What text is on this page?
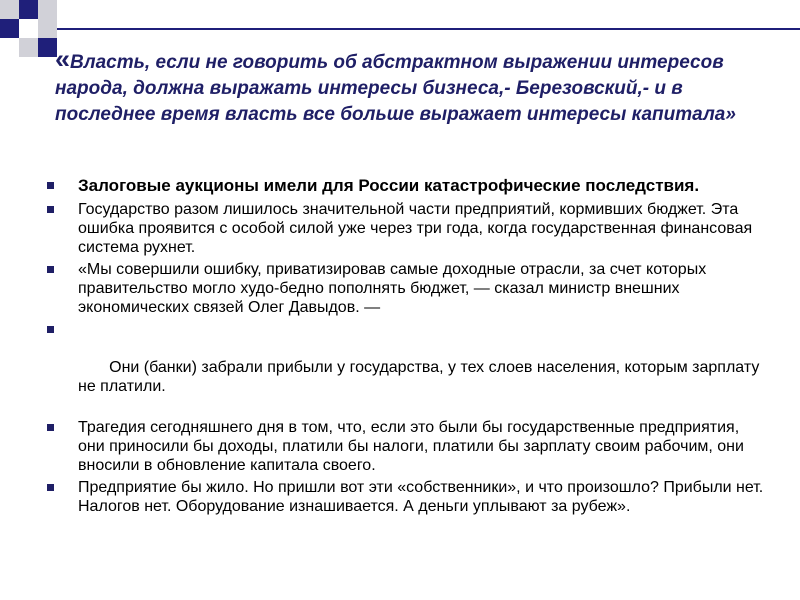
«Власть, если не говорить об абстрактном выражении интересов народа, должна выражать интересы бизнеса,- Березовский,- и в последнее время власть все больше выражает интересы капитала»
Залоговые аукционы имели для России катастрофические последствия.
Государство разом лишилось значительной части предприятий, кормивших бюджет. Эта ошибка проявится с особой силой уже через три года, когда государственная финансовая система рухнет.
«Мы совершили ошибку, приватизировав самые доходные отрасли, за счет которых правительство могло худо-бедно пополнять бюджет, — сказал министр внешних экономических связей Олег Давыдов. —

Они (банки) забрали прибыли у государства, у тех слоев населения, которым зарплату не платили.

Трагедия сегодняшнего дня в том, что, если это были бы государственные предприятия, они приносили бы доходы, платили бы налоги, платили бы зарплату своим рабочим, они вносили в обновление капитала своего.
Предприятие бы жило. Но пришли вот эти «собственники», и что произошло? Прибыли нет. Налогов нет. Оборудование изнашивается. А деньги уплывают за рубеж».
